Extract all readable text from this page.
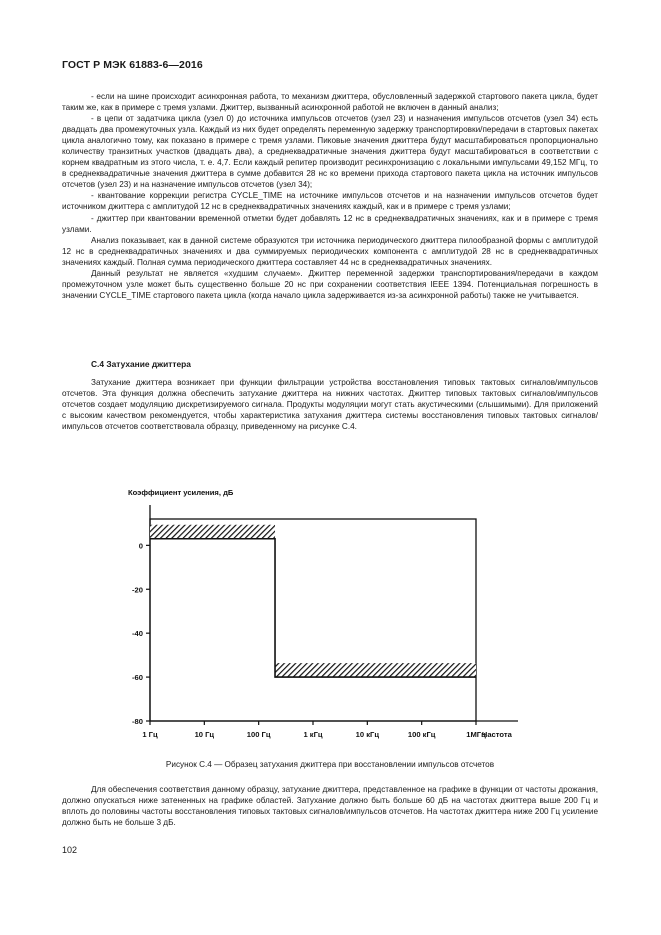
ГОСТ Р МЭК 61883-6—2016

- если на шине происходит асинхронная работа, то механизм джиттера, обусловленный задержкой стартового пакета цикла, будет таким же, как в примере с тремя узлами. Джиттер, вызванный асинхронной работой не включен в данный анализ;

- в цепи от задатчика цикла (узел 0) до источника импульсов отсчетов (узел 23) и назначения импульсов отсчетов (узел 34) есть двадцать два промежуточных узла. Каждый из них будет определять переменную задержку транспортировки/передачи в стартовых пакетах цикла аналогично тому, как показано в примере с тремя узлами. Пиковые значения джиттера будут масштабироваться пропорционально количеству транзитных участков (двадцать два), а среднеквадратичные значения джиттера будут масштабироваться в соответствии с корнем квадратным из этого числа, т. е. 4,7. Если каждый репитер производит ресинхронизацию с локальными импульсами 49,152 МГц, то в среднеквадратичные значения джиттера в сумме добавится 28 нс ко времени прихода стартового пакета цикла на источник импульсов отсчетов (узел 23) и на назначение импульсов отсчетов (узел 34);

- квантование коррекции регистра CYCLE_TIME на источнике импульсов отсчетов и на назначении импульсов отсчетов будет источником джиттера с амплитудой 12 нс в среднеквадратичных значениях каждый, как и в примере с тремя узлами;

- джиттер при квантовании временной отметки будет добавлять 12 нс в среднеквадратичных значениях, как и в примере с тремя узлами.

Анализ показывает, как в данной системе образуются три источника периодического джиттера пилообразной формы с амплитудой 12 нс в среднеквадратичных значениях и два суммируемых периодических компонента с амплитудой 28 нс в среднеквадратичных значениях каждый. Полная сумма периодического джиттера составляет 44 нс в среднеквадратичных значениях.

Данный результат не является «худшим случаем». Джиттер переменной задержки транспортирования/передачи в каждом промежуточном узле может быть существенно больше 20 нс при сохранении соответствия IEEE 1394. Потенциальная погрешность в значении CYCLE_TIME стартового пакета цикла (когда начало цикла задерживается из-за асинхронной работы) также не учитывается.

С.4 Затухание джиттера

Затухание джиттера возникает при функции фильтрации устройства восстановления типовых тактовых сигналов/импульсов отсчетов. Эта функция должна обеспечить затухание джиттера на нижних частотах. Джиттер типовых тактовых сигналов/импульсов отсчетов создает модуляцию дискретизируемого сигнала. Продукты модуляции могут стать акустическими (слышимыми). Для приложений с высоким качеством рекомендуется, чтобы характеристика затухания джиттера системы восстановления типовых тактовых сигналов/импульсов отсчетов соответствовала образцу, приведенному на рисунке С.4.

0
-20
-40
-60
-80
1 Гц	10 Гц	100 Гц	1 кГц	10 кГц	100 кГц	1МГц
Коэффициент усиления, дБ
Частота
Рисунок С.4 — Образец затухания джиттера при восстановлении импульсов отсчетов

Для обеспечения соответствия данному образцу, затухание джиттера, представленное на графике в функции от частоты дрожания, должно опускаться ниже затененных на графике областей. Затухание должно быть больше 60 дБ на частотах джиттера выше 200 Гц и вплоть до половины частоты восстановления типовых тактовых сигналов/импульсов отсчетов. На частотах джиттера ниже 200 Гц усиление должно быть не больше 3 дБ.

102
